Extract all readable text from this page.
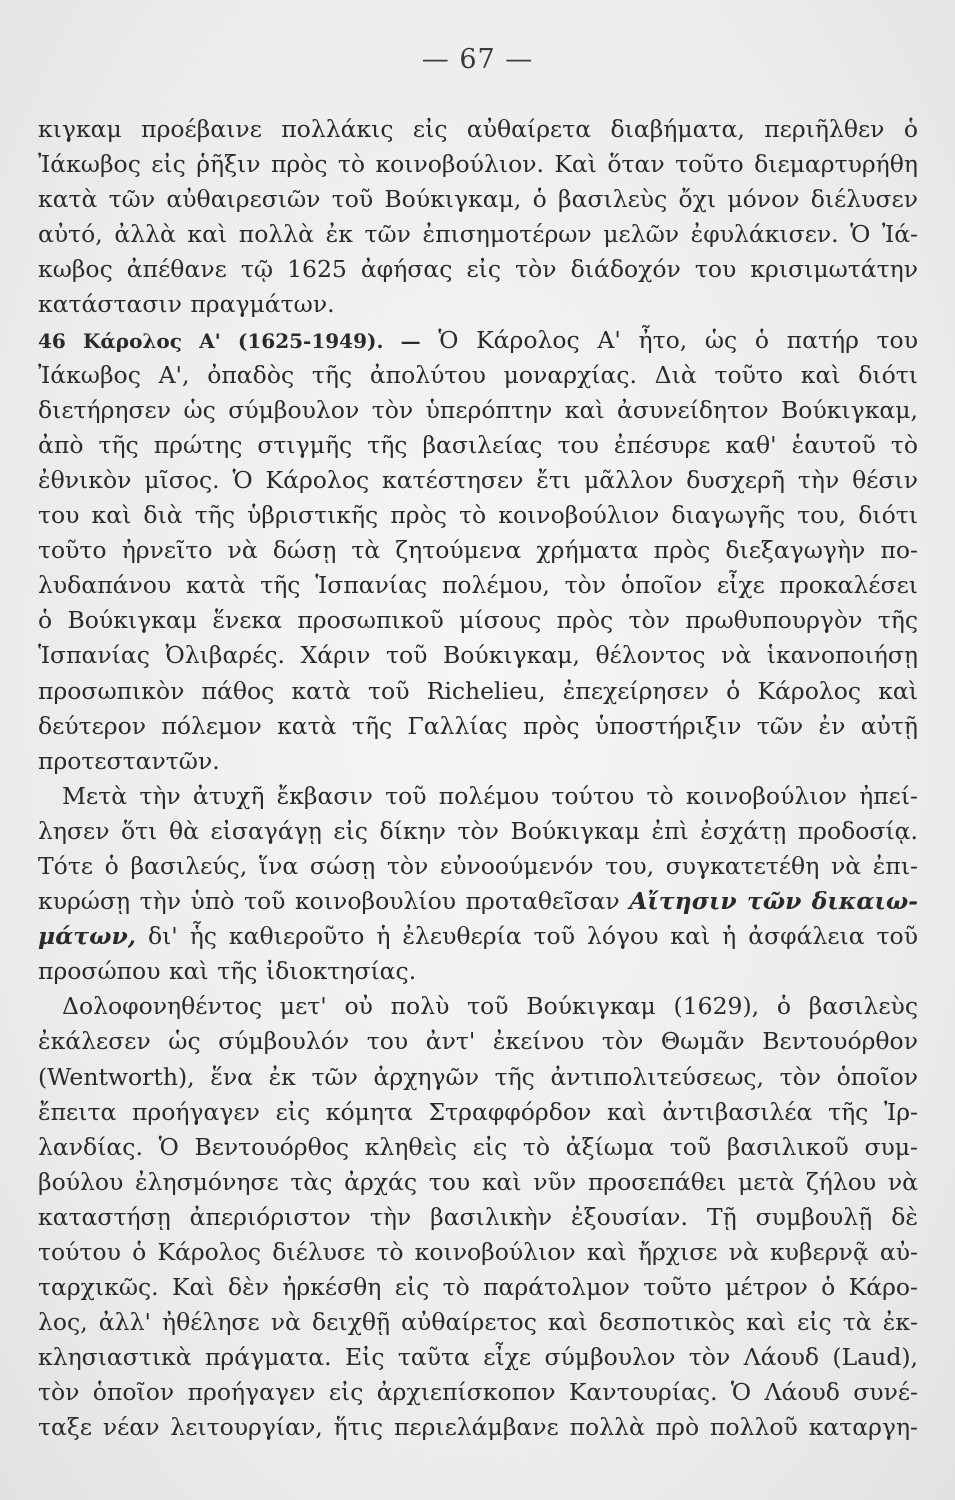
— 67 —
κιγκαμ προέβαινε πολλάκις εἰς αὐθαίρετα διαβήματα, περιῆλθεν ὁ
Ἰάκωβος εἰς ῥῆξιν πρὸς τὸ κοινοβούλιον. Καὶ ὅταν τοῦτο διεμαρτυρήθη
κατὰ τῶν αὐθαιρεσιῶν τοῦ Βούκιγκαμ, ὁ βασιλεὺς ὄχι μόνον διέλυσεν
αὐτό, ἀλλὰ καὶ πολλὰ ἐκ τῶν ἐπισημοτέρων μελῶν ἐφυλάκισεν. Ὁ Ἰά-
κωβος ἀπέθανε τῷ 1625 ἀφήσας εἰς τὸν διάδοχόν του κρισιμωτάτην
κατάστασιν πραγμάτων.
46 Κάρολος Α' (1625-1949). — Ὁ Κάρολος Α' ἦτο, ὡς ὁ πατήρ του
Ἰάκωβος Α', ὀπαδὸς τῆς ἀπολύτου μοναρχίας. Διὰ τοῦτο καὶ διότι
διετήρησεν ὡς σύμβουλον τὸν ὑπερόπτην καὶ ἀσυνείδητον Βούκιγκαμ,
ἀπὸ τῆς πρώτης στιγμῆς τῆς βασιλείας του ἐπέσυρε καθ' ἑαυτοῦ τὸ
ἐθνικὸν μῖσος. Ὁ Κάρολος κατέστησεν ἔτι μᾶλλον δυσχερῆ τὴν θέσιν
του καὶ διὰ τῆς ὑβριστικῆς πρὸς τὸ κοινοβούλιον διαγωγῆς του, διότι
τοῦτο ἠρνεῖτο νὰ δώσῃ τὰ ζητούμενα χρήματα πρὸς διεξαγωγὴν πο-
λυδαπάνου κατὰ τῆς Ἱσπανίας πολέμου, τὸν ὁποῖον εἶχε προκαλέσει
ὁ Βούκιγκαμ ἕνεκα προσωπικοῦ μίσους πρὸς τὸν πρωθυπουργὸν τῆς
Ἱσπανίας Ὀλιβαρές. Χάριν τοῦ Βούκιγκαμ, θέλοντος νὰ ἱκανοποιήσῃ
προσωπικὸν πάθος κατὰ τοῦ Richelieu, ἐπεχείρησεν ὁ Κάρολος καὶ
δεύτερον πόλεμον κατὰ τῆς Γαλλίας πρὸς ὑποστήριξιν τῶν ἐν αὐτῇ
προτεσταντῶν.
Μετὰ τὴν ἀτυχῆ ἔκβασιν τοῦ πολέμου τούτου τὸ κοινοβούλιον ἠπεί-
λησεν ὅτι θὰ εἰσαγάγῃ εἰς δίκην τὸν Βούκιγκαμ ἐπὶ ἐσχάτῃ προδοσίᾳ.
Τότε ὁ βασιλεύς, ἵνα σώσῃ τὸν εὐνοούμενόν του, συγκατετέθη νὰ ἐπι-
κυρώσῃ τὴν ὑπὸ τοῦ κοινοβουλίου προταθεῖσαν Αἴτησιν τῶν δικαιω-
μάτων, δι' ἧς καθιεροῦτο ἡ ἐλευθερία τοῦ λόγου καὶ ἡ ἀσφάλεια τοῦ
προσώπου καὶ τῆς ἰδιοκτησίας.
Δολοφονηθέντος μετ' οὐ πολὺ τοῦ Βούκιγκαμ (1629), ὁ βασιλεὺς
ἐκάλεσεν ὡς σύμβουλόν του ἀντ' ἐκείνου τὸν Θωμᾶν Βεντουόρθον
(Wentworth), ἕνα ἐκ τῶν ἀρχηγῶν τῆς ἀντιπολιτεύσεως, τὸν ὁποῖον
ἔπειτα προήγαγεν εἰς κόμητα Στραφφόρδον καὶ ἀντιβασιλέα τῆς Ἰρ-
λανδίας. Ὁ Βεντουόρθος κληθεὶς εἰς τὸ ἀξίωμα τοῦ βασιλικοῦ συμ-
βούλου ἐλησμόνησε τὰς ἀρχάς του καὶ νῦν προσεπάθει μετὰ ζήλου νὰ
καταστήσῃ ἀπεριόριστον τὴν βασιλικὴν ἐξουσίαν. Τῇ συμβουλῇ δὲ
τούτου ὁ Κάρολος διέλυσε τὸ κοινοβούλιον καὶ ἤρχισε νὰ κυβερνᾷ αὐ-
ταρχικῶς. Καὶ δὲν ἠρκέσθη εἰς τὸ παράτολμον τοῦτο μέτρον ὁ Κάρο-
λος, ἀλλ' ἠθέλησε νὰ δειχθῇ αὐθαίρετος καὶ δεσποτικὸς καὶ εἰς τὰ ἐκ-
κλησιαστικὰ πράγματα. Εἰς ταῦτα εἶχε σύμβουλον τὸν Λάουδ (Laud),
τὸν ὁποῖον προήγαγεν εἰς ἀρχιεπίσκοπον Καντουρίας. Ὁ Λάουδ συνέ-
ταξε νέαν λειτουργίαν, ἥτις περιελάμβανε πολλὰ πρὸ πολλοῦ καταργη-
